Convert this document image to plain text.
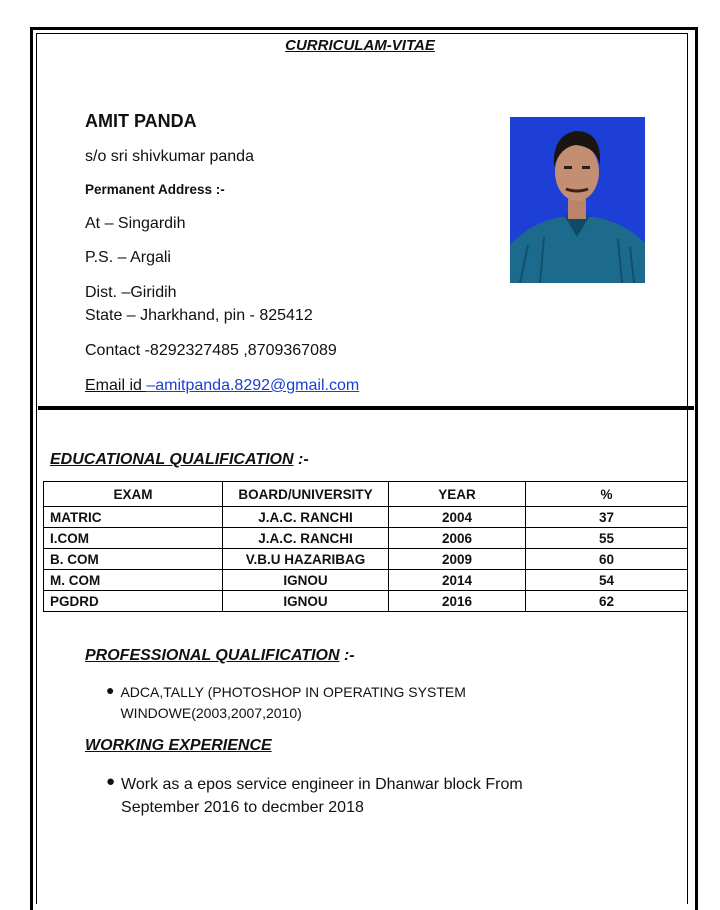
CURRICULAM-VITAE
AMIT PANDA
s/o sri shivkumar panda
Permanent Address :-
At – Singardih
P.S. – Argali
Dist. –Giridih
State – Jharkhand, pin - 825412
Contact -8292327485 ,8709367089
Email id –amitpanda.8292@gmail.com
EDUCATIONAL QUALIFICATION :-
EXAM	BOARD/UNIVERSITY	YEAR	%
MATRIC	J.A.C. RANCHI	2004	37
I.COM	J.A.C. RANCHI	2006	55
B. COM	V.B.U HAZARIBAG	2009	60
M. COM	IGNOU	2014	54
PGDRD	IGNOU	2016	62
PROFESSIONAL QUALIFICATION :-
● ADCA,TALLY (PHOTOSHOP IN OPERATING SYSTEM WINDOWE(2003,2007,2010)
WORKING EXPERIENCE
● Work as a epos service engineer in Dhanwar block From September 2016 to decmber 2018
